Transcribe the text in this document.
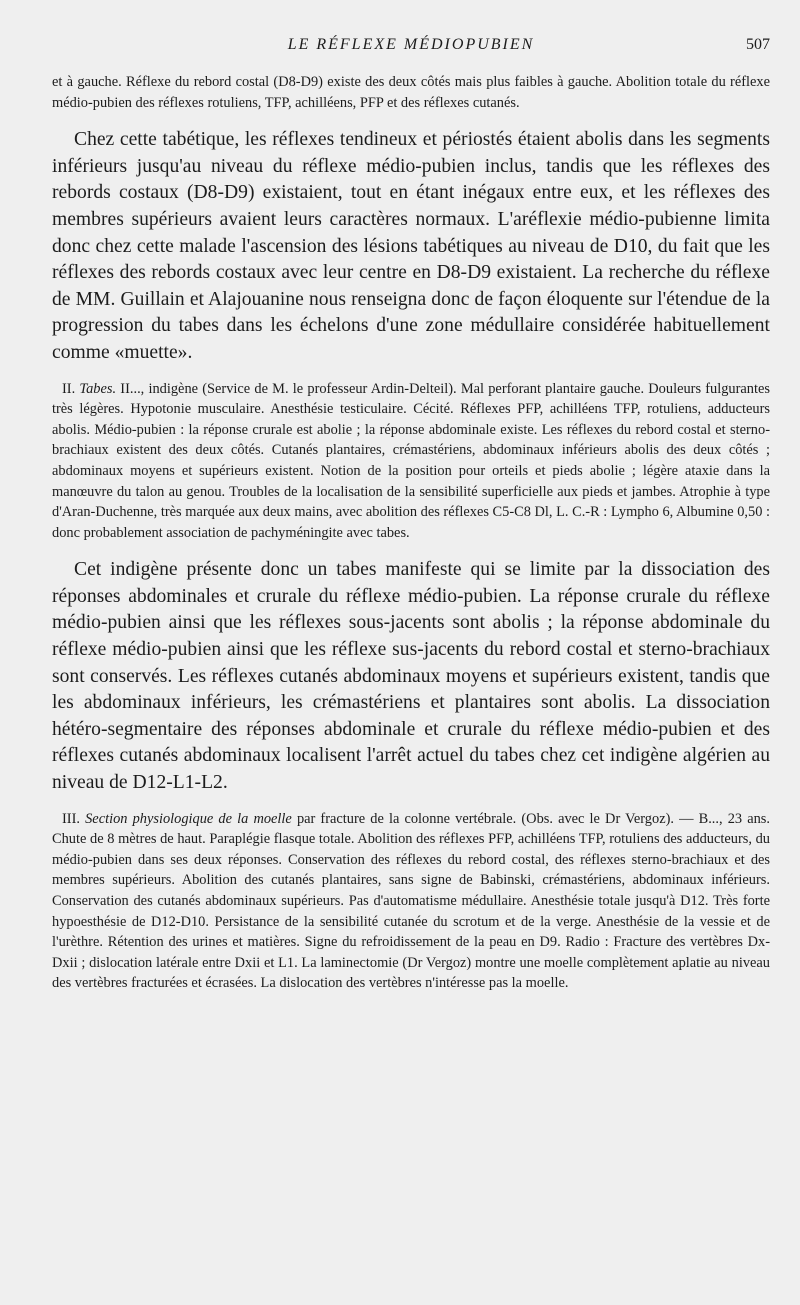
LE RÉFLEXE MÉDIOPUBIEN	507

et à gauche. Réflexe du rebord costal (D8-D9) existe des deux côtés mais plus faibles à gauche. Abolition totale du réflexe médio-pubien des réflexes rotuliens, TFP, achilléens, PFP et des réflexes cutanés.

Chez cette tabétique, les réflexes tendineux et périostés étaient abolis dans les segments inférieurs jusqu'au niveau du réflexe médio-pubien inclus, tandis que les réflexes des rebords costaux (D8-D9) existaient, tout en étant inégaux entre eux, et les réflexes des membres supérieurs avaient leurs caractères normaux. L'aréflexie médio-pubienne limita donc chez cette malade l'ascension des lésions tabétiques au niveau de D10, du fait que les réflexes des rebords costaux avec leur centre en D8-D9 existaient. La recherche du réflexe de MM. Guillain et Alajouanine nous renseigna donc de façon éloquente sur l'étendue de la progression du tabes dans les échelons d'une zone médullaire considérée habituellement comme «muette».

II. Tabes. II..., indigène (Service de M. le professeur Ardin-Delteil). Mal perforant plantaire gauche. Douleurs fulgurantes très légères. Hypotonie musculaire. Anesthésie testiculaire. Cécité. Réflexes PFP, achilléens TFP, rotuliens, adducteurs abolis. Médio-pubien : la réponse crurale est abolie ; la réponse abdominale existe. Les réflexes du rebord costal et sterno-brachiaux existent des deux côtés. Cutanés plantaires, crémastériens, abdominaux inférieurs abolis des deux côtés ; abdominaux moyens et supérieurs existent. Notion de la position pour orteils et pieds abolie ; légère ataxie dans la manœuvre du talon au genou. Troubles de la localisation de la sensibilité superficielle aux pieds et jambes. Atrophie à type d'Aran-Duchenne, très marquée aux deux mains, avec abolition des réflexes C5-C8 Dl, L. C.-R : Lympho 6, Albumine 0,50 : donc probablement association de pachyméningite avec tabes.

Cet indigène présente donc un tabes manifeste qui se limite par la dissociation des réponses abdominales et crurale du réflexe médio-pubien. La réponse crurale du réflexe médio-pubien ainsi que les réflexes sous-jacents sont abolis ; la réponse abdominale du réflexe médio-pubien ainsi que les réflexe sus-jacents du rebord costal et sterno-brachiaux sont conservés. Les réflexes cutanés abdominaux moyens et supérieurs existent, tandis que les abdominaux inférieurs, les crémastériens et plantaires sont abolis. La dissociation hétéro-segmentaire des réponses abdominale et crurale du réflexe médio-pubien et des réflexes cutanés abdominaux localisent l'arrêt actuel du tabes chez cet indigène algérien au niveau de D12-L1-L2.

III. Section physiologique de la moelle par fracture de la colonne vertébrale. (Obs. avec le Dr Vergoz). — B..., 23 ans. Chute de 8 mètres de haut. Paraplégie flasque totale. Abolition des réflexes PFP, achilléens TFP, rotuliens des adducteurs, du médio-pubien dans ses deux réponses. Conservation des réflexes du rebord costal, des réflexes sterno-brachiaux et des membres supérieurs. Abolition des cutanés plantaires, sans signe de Babinski, crémastériens, abdominaux inférieurs. Conservation des cutanés abdominaux supérieurs. Pas d'automatisme médullaire. Anesthésie totale jusqu'à D12. Très forte hypoesthésie de D12-D10. Persistance de la sensibilité cutanée du scrotum et de la verge. Anesthésie de la vessie et de l'urèthre. Rétention des urines et matières. Signe du refroidissement de la peau en D9. Radio : Fracture des vertèbres Dx-Dxii ; dislocation latérale entre Dxii et L1. La laminectomie (Dr Vergoz) montre une moelle complètement aplatie au niveau des vertèbres fracturées et écrasées. La dislocation des vertèbres n'intéresse pas la moelle.
